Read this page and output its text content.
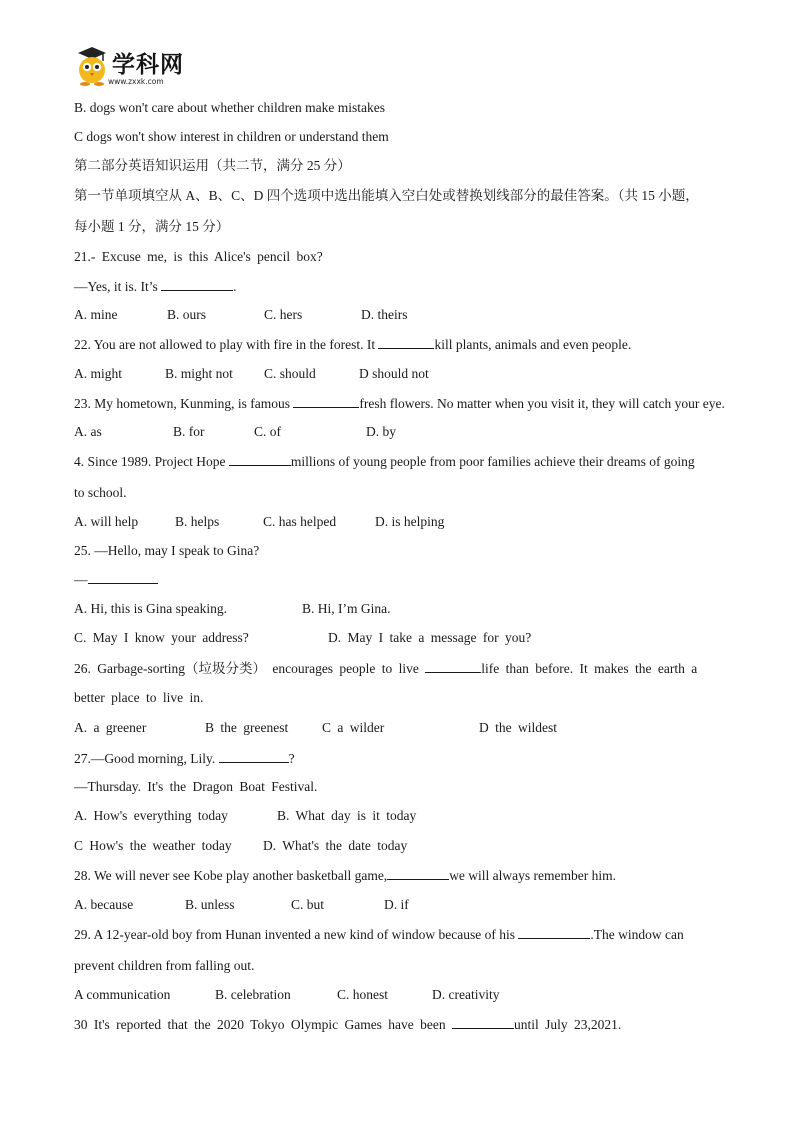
学科网
www.zxxk.com
B. dogs won't care about whether children make mistakes
C dogs won't show interest in children or understand them
第二部分英语知识运用（共二节，满分 25 分）
第一节单项填空从 A、B、C、D 四个选项中选出能填入空白处或替换划线部分的最佳答案。（共 15 小题，
每小题 1 分，满分 15 分）
21.- Excuse me, is this Alice's pencil box?
—Yes, it is. It’s	.
A. mine	B. ours	C. hers	D. theirs
22. You are not allowed to play with fire in the forest. It	kill plants, animals and even people.
A. might	B. might not C. should	D should not
23. My hometown, Kunming, is famous	fresh flowers. No matter when you visit it, they will catch your eye.
A. as	B. for	C. of	D. by
4. Since 1989. Project Hope	millions of young people from poor families achieve their dreams of going
to school.
A. will help	B. helps	C. has helped	D. is helping
25. —Hello, may I speak to Gina?
—
A. Hi, this is Gina speaking.	B. Hi, I’m Gina.
C. May I know your address?	D. May I take a message for you?
26. Garbage-sorting（垃圾分类） encourages people to live	life than before. It makes the earth a
better place to live in.
A. a greener	B the greenest	C a wilder	D the wildest
27.—Good morning, Lily.	?
—Thursday. It's the Dragon Boat Festival.
A. How's everything today	B. What day is it today
C How's the weather today D. What's the date today
28. We will never see Kobe play another basketball game,	we will always remember him.
A. because	B. unless	C. but	D. if
29. A 12-year-old boy from Hunan invented a new kind of window because of his	.The window can
prevent children from falling out.
A communication	B. celebration	C. honest	D. creativity
30 It's reported that the 2020 Tokyo Olympic Games have been	until July 23,2021.
